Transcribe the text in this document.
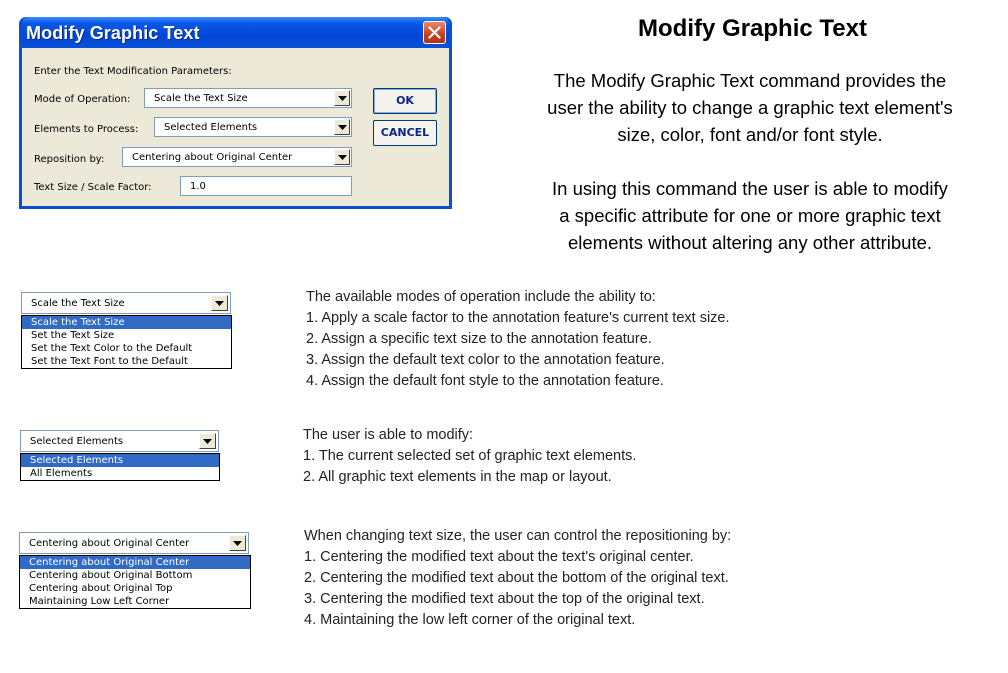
Modify Graphic Text
Enter the Text Modification Parameters:
Mode of Operation: Scale the Text Size
Elements to Process:	Selected Elements
Reposition by:	Centering about Original Center
Text Size / Scale Factor:	1.0
OK
CANCEL
Modify Graphic Text
The Modify Graphic Text command provides the
user the ability to change a graphic text element's
size, color, font and/or font style.
In using this command the user is able to modify
a specific attribute for one or more graphic text
elements without altering any other attribute.
Scale the Text Size
Scale the Text Size
Set the Text Size
Set the Text Color to the Default
Set the Text Font to the Default
The available modes of operation include the ability to:
1. Apply a scale factor to the annotation feature's current text size.
2. Assign a specific text size to the annotation feature.
3. Assign the default text color to the annotation feature.
4. Assign the default font style to the annotation feature.
Selected Elements
Selected Elements
All Elements
The user is able to modify:
1. The current selected set of graphic text elements.
2. All graphic text elements in the map or layout.
Centering about Original Center
Centering about Original Center
Centering about Original Bottom
Centering about Original Top
Maintaining Low Left Corner
When changing text size, the user can control the repositioning by:
1. Centering the modified text about the text's original center.
2. Centering the modified text about the bottom of the original text.
3. Centering the modified text about the top of the original text.
4. Maintaining the low left corner of the original text.
